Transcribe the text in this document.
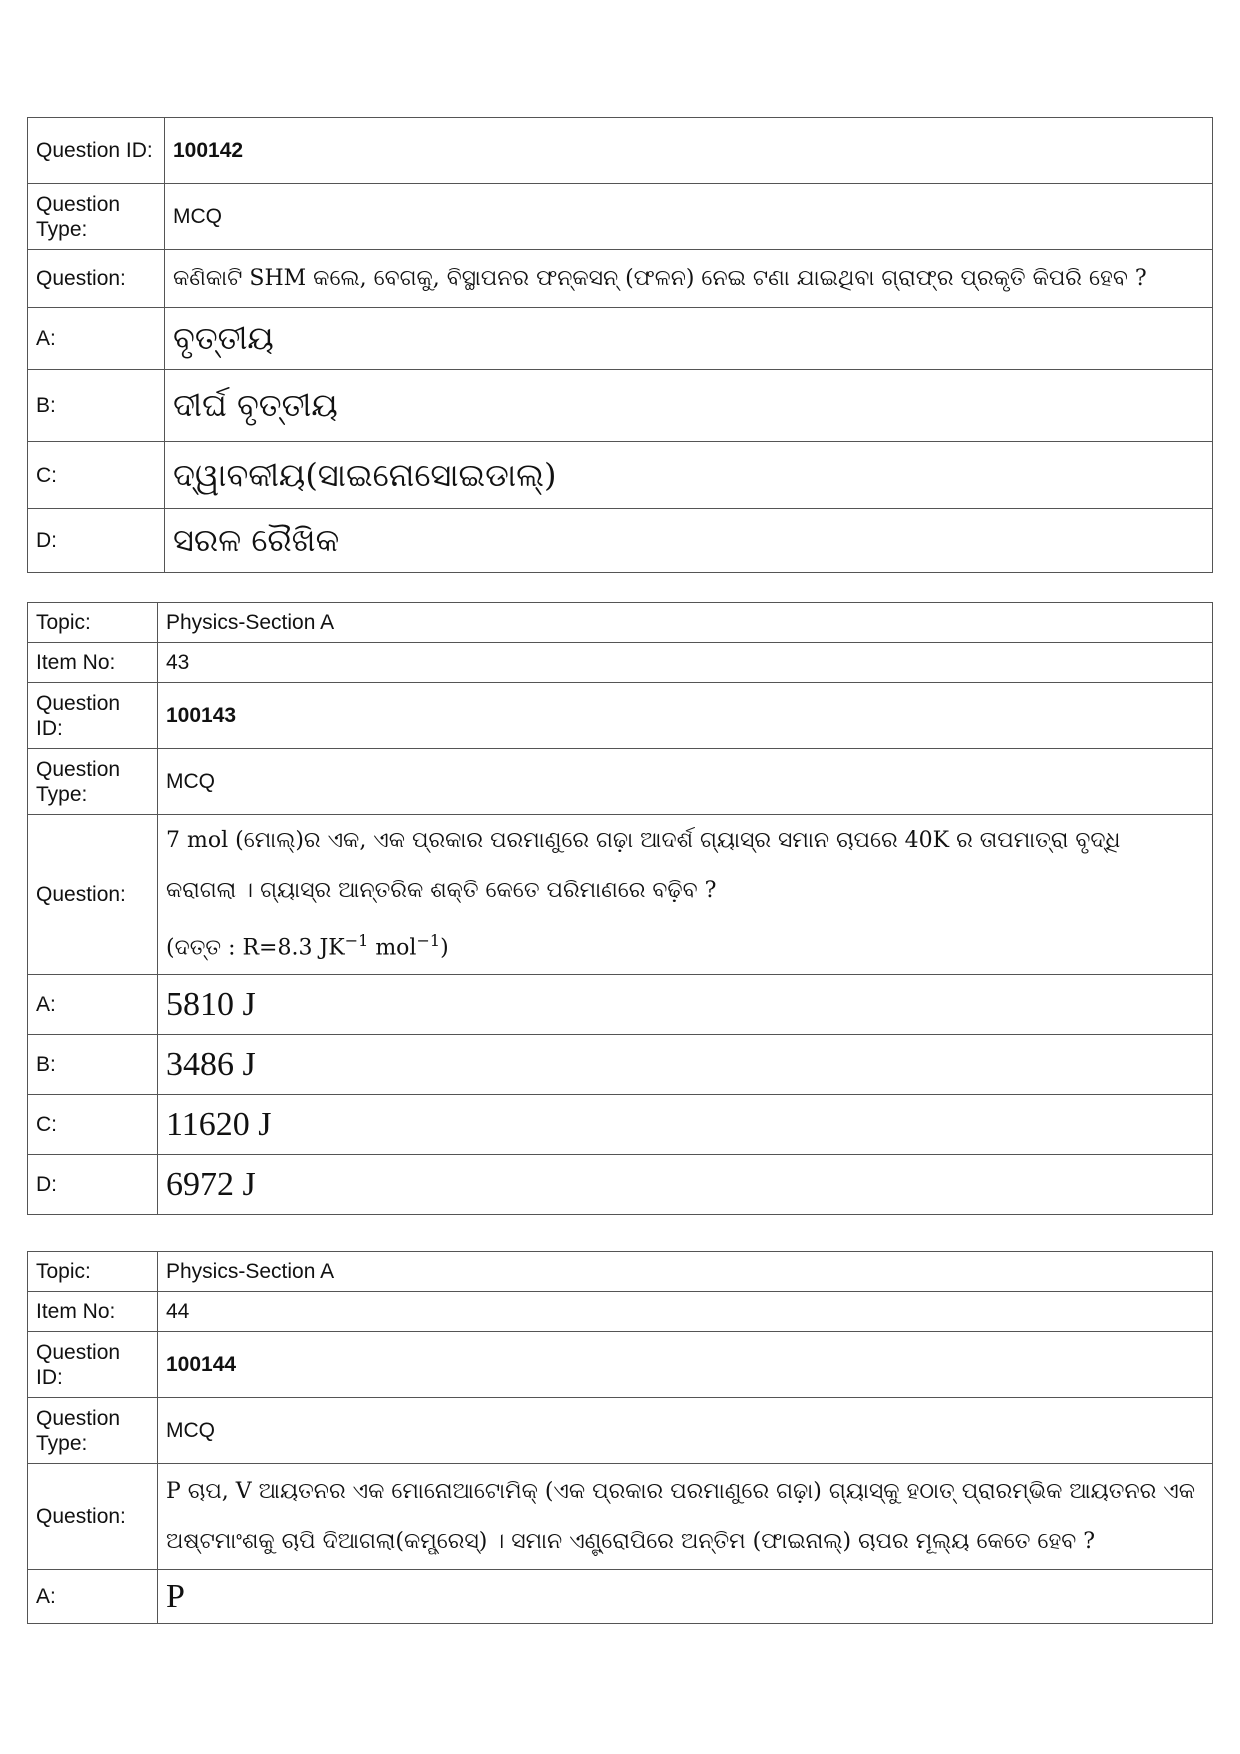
Question ID:	100142
Question Type:	MCQ
Question:	କଣିକାଟି SHM କଲେ, ବେଗକୁ, ବିସ୍ଥାପନର ଫନ୍କସନ୍ (ଫଳନ) ନେଇ ଟଣା ଯାଇଥିବା ଗ୍ରାଫ୍‌ର ପ୍ରକୃତି କିପରି ହେବ ?
A:	ବୃତ୍ତୀୟ
B:	ଦୀର୍ଘ ବୃତ୍ତୀୟ
C:	ଦ୍ୱାବକୀୟ(ସାଇନୋସୋଇଡାଲ୍)
D:	ସରଳ ରୈଖିକ
Topic:	Physics-Section A
Item No:	43
Question ID:	100143
Question Type:	MCQ
Question:	7 mol (ମୋଲ୍)ର ଏକ, ଏକ ପ୍ରକାର ପରମାଣୁରେ ଗଢ଼ା ଆଦର୍ଶ ଗ୍ୟାସ୍‌ର ସମାନ ଚାପରେ 40K ର ତାପମାତ୍ରା ବୃଦ୍ଧି
କରାଗଲା । ଗ୍ୟାସ୍‌ର ଆନ୍ତରିକ ଶକ୍ତି କେତେ ପରିମାଣରେ ବଢ଼ିବ ?
(ଦତ୍ତ : R=8.3 $JK^{-1}$ mol$^{-1}$)

A:	5810 J
B:	3486 J
C:	11620 J
D:	6972 J
Topic:	Physics-Section A
Item No:	44
Question ID:	100144
Question Type:	MCQ
Question:	P ଚାପ, V ଆୟତନର ଏକ ମୋନୋଆଟୋମିକ୍ (ଏକ ପ୍ରକାର ପରମାଣୁରେ ଗଢ଼ା) ଗ୍ୟାସ୍‌କୁ ହଠାତ୍ ପ୍ରାରମ୍ଭିକ ଆୟତନର ଏକ
ଅଷ୍ଟମାଂଶକୁ ଚାପି ଦିଆଗଲା(କମ୍ପ୍ରେସ୍) । ସମାନ ଏଣ୍ଟ୍ରୋପିରେ ଅନ୍ତିମ (ଫାଇନାଲ୍) ଚାପର ମୂଲ୍ୟ କେତେ ହେବ ?

A:	P
